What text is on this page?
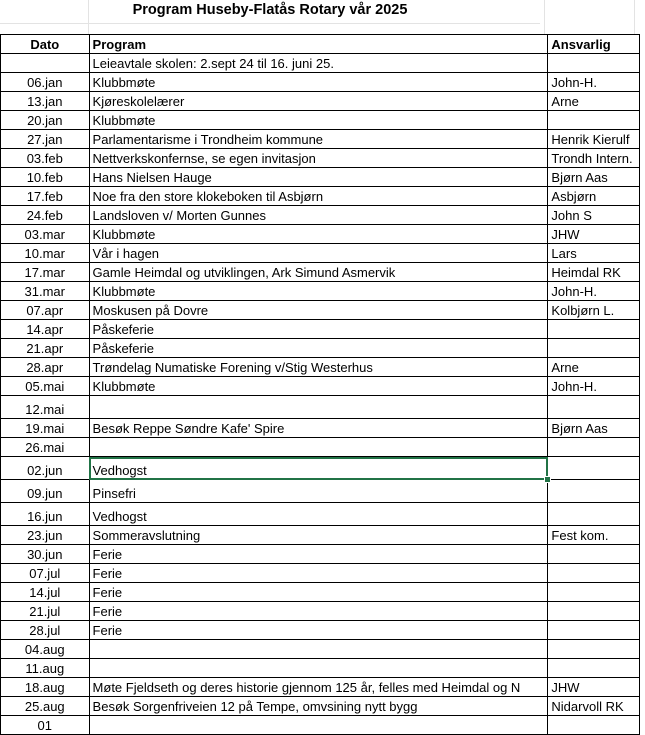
Program Huseby-Flatås Rotary vår 2025
Dato	Program	Ansvarlig
	Leieavtale skolen: 2.sept 24 til 16. juni 25.	
06.jan	Klubbmøte	John-H.
13.jan	Kjøreskolelærer	Arne
20.jan	Klubbmøte	
27.jan	Parlamentarisme i Trondheim kommune	Henrik Kierulf
03.feb	Nettverkskonfernse, se egen invitasjon	Trondh Intern.
10.feb	Hans Nielsen Hauge	Bjørn Aas
17.feb	Noe fra den store klokeboken til Asbjørn	Asbjørn
24.feb	Landsloven v/ Morten Gunnes	John S
03.mar	Klubbmøte	JHW
10.mar	Vår i hagen	Lars
17.mar	Gamle Heimdal og utviklingen, Ark Simund Asmervik	Heimdal RK
31.mar	Klubbmøte	John-H.
07.apr	Moskusen på Dovre	Kolbjørn L.
14.apr	Påskeferie	
21.apr	Påskeferie	
28.apr	Trøndelag Numatiske Forening v/Stig Westerhus	Arne
05.mai	Klubbmøte	John-H.
12.mai		
19.mai	Besøk Reppe Søndre Kafe' Spire	Bjørn Aas
26.mai		
02.jun	Vedhogst	
09.jun	Pinsefri	
16.jun	Vedhogst	
23.jun	Sommeravslutning	Fest kom.
30.jun	Ferie	
07.jul	Ferie	
14.jul	Ferie	
21.jul	Ferie	
28.jul	Ferie	
04.aug		
11.aug		
18.aug	Møte Fjeldseth og deres historie gjennom 125 år, felles med Heimdal og N	JHW
25.aug	Besøk Sorgenfriveien 12 på Tempe, omvsining nytt bygg	Nidarvoll RK
01		
